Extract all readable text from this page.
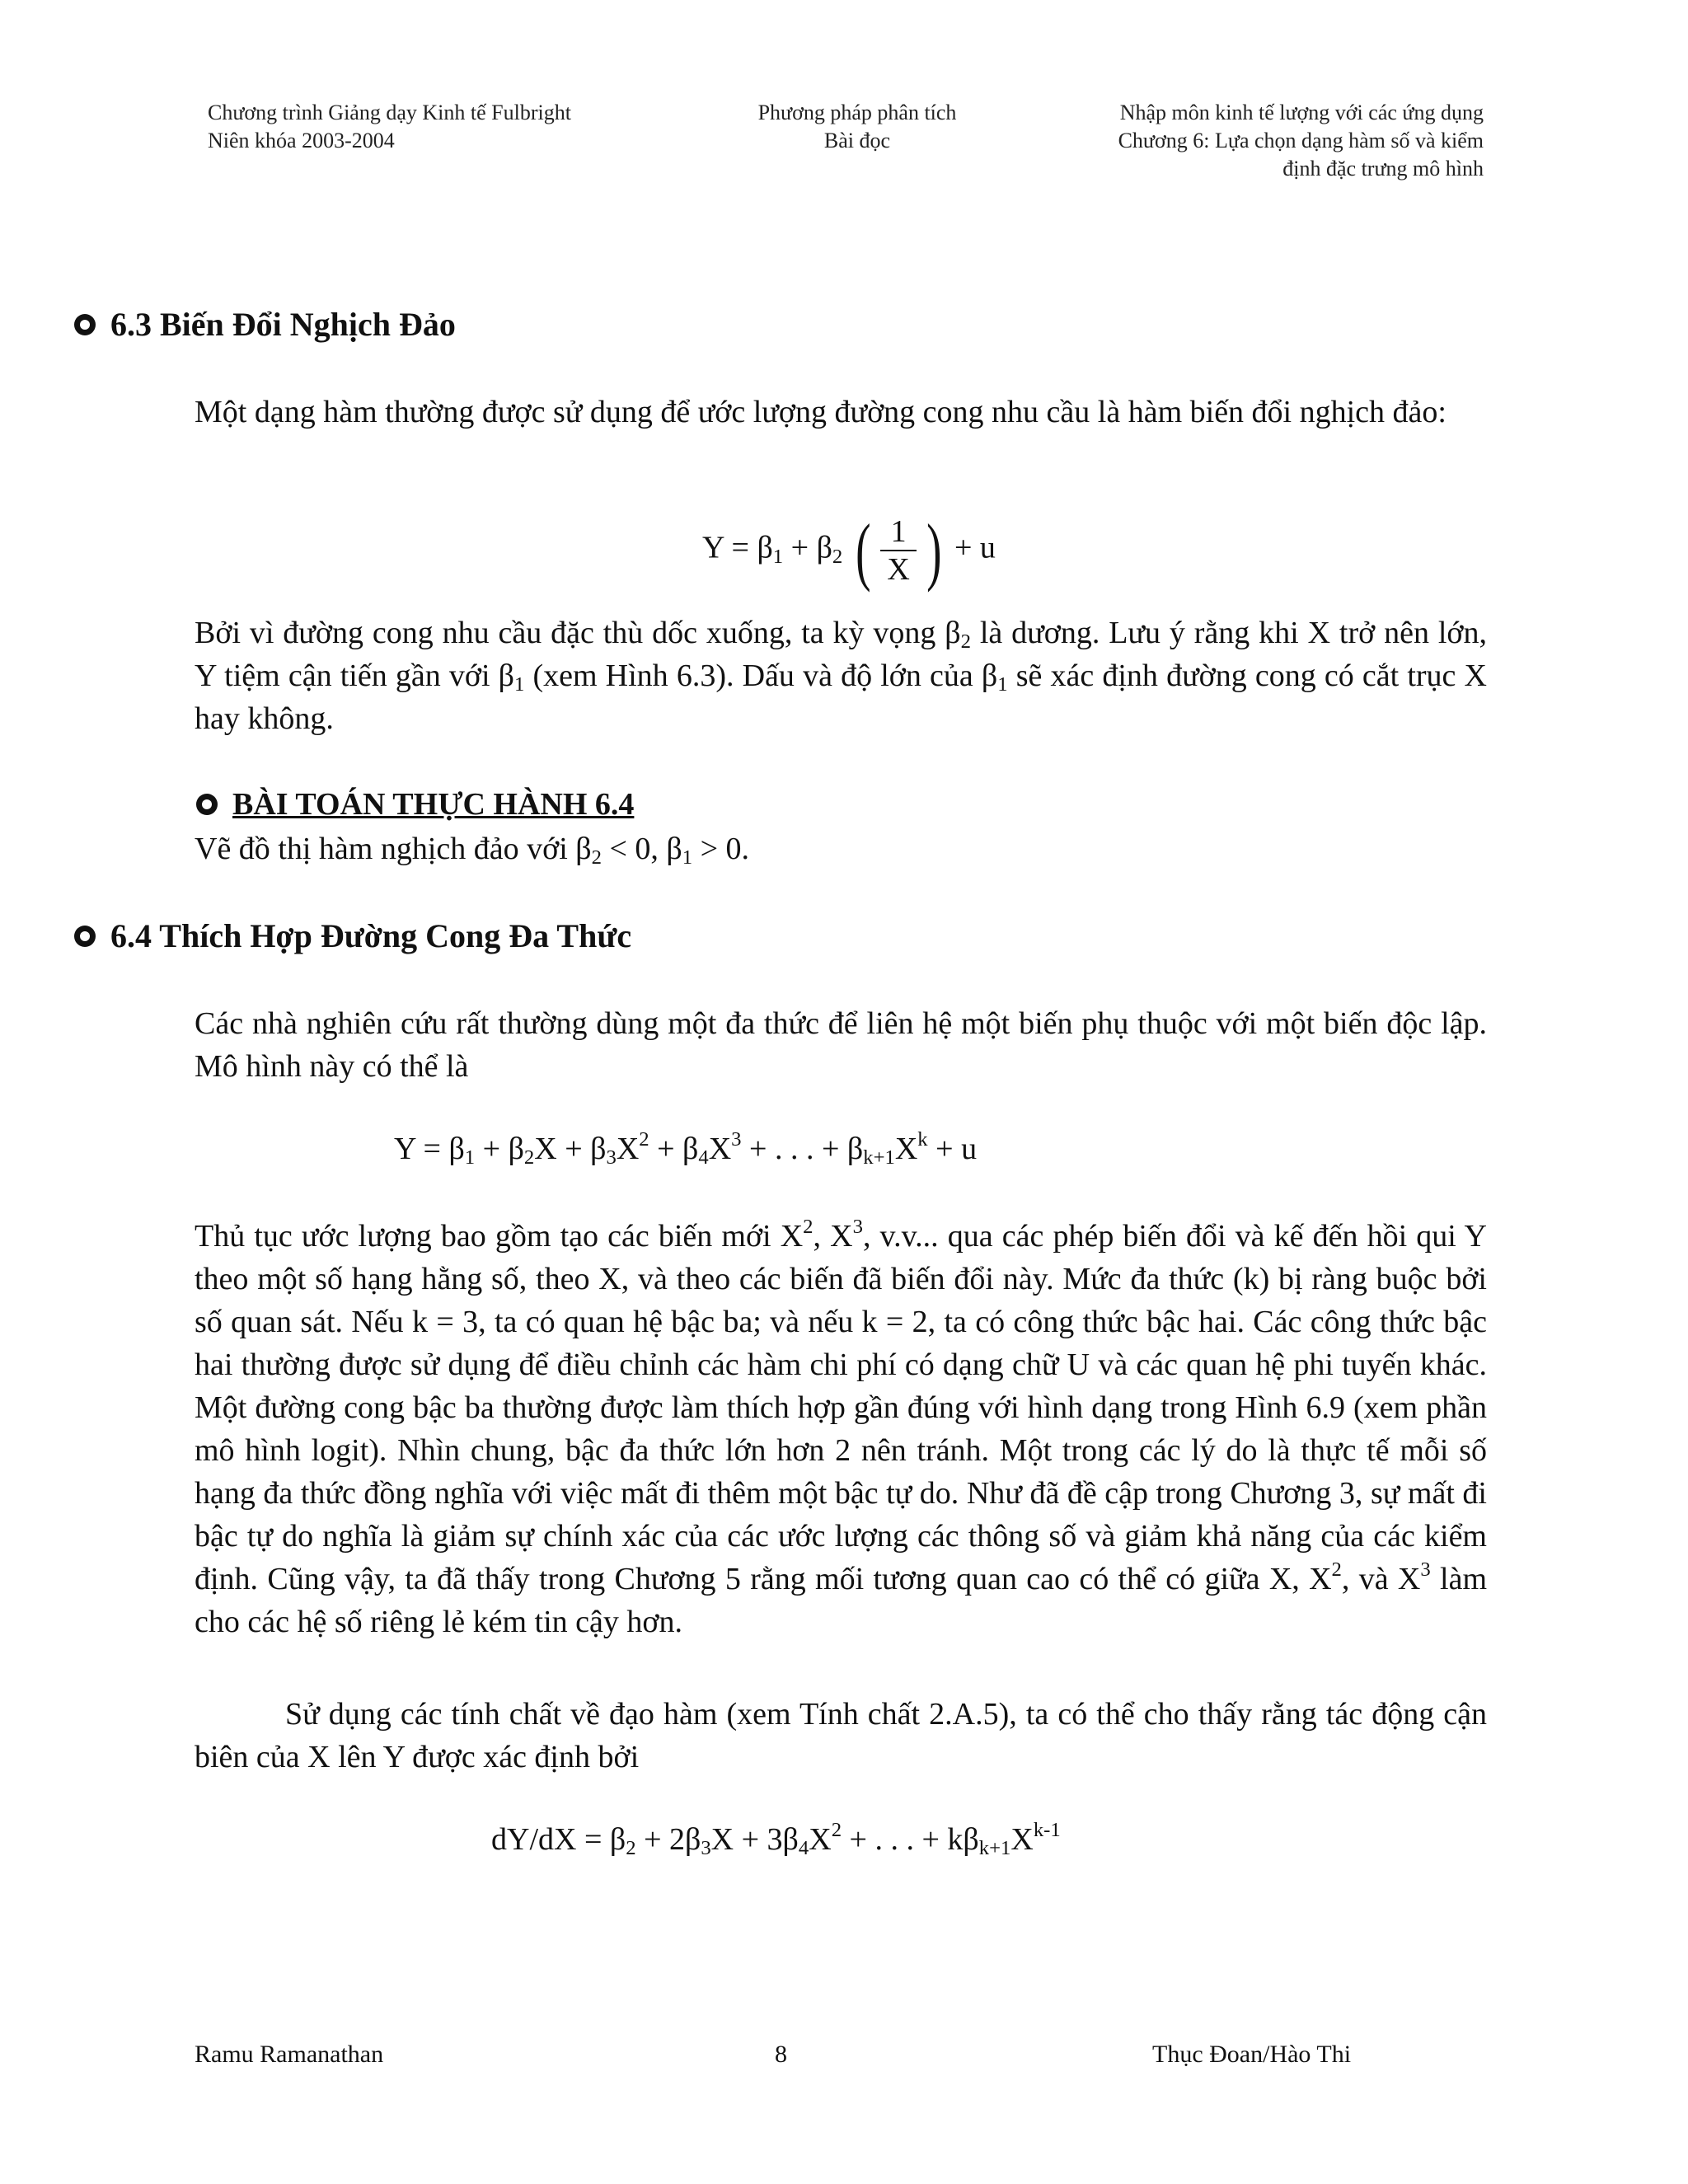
Chương trình Giảng dạy Kinh tế Fulbright
Niên khóa 2003-2004
Phương pháp phân tích
Bài đọc
Nhập môn kinh tế lượng với các ứng dụng
Chương 6: Lựa chọn dạng hàm số và kiểm
định đặc trưng mô hình
6.3 Biến Đổi Nghịch Đảo
Một dạng hàm thường được sử dụng để ước lượng đường cong nhu cầu là hàm biến đổi nghịch đảo:
$Y = \beta_1 + \beta_2$ ( $\frac{1}{X}$ ) + u
Bởi vì đường cong nhu cầu đặc thù dốc xuống, ta kỳ vọng $\beta_2$ là dương. Lưu ý rằng khi X trở nên lớn, Y tiệm cận tiến gần với $\beta_1$ (xem Hình 6.3). Dấu và độ lớn của $\beta_1$ sẽ xác định đường cong có cắt trục X hay không.
BÀI TOÁN THỰC HÀNH 6.4
Vẽ đồ thị hàm nghịch đảo với $\beta_2 < 0$, $\beta_1 > 0$.
6.4 Thích Hợp Đường Cong Đa Thức
Các nhà nghiên cứu rất thường dùng một đa thức để liên hệ một biến phụ thuộc với một biến độc lập. Mô hình này có thể là
$Y = \beta_1 + \beta_2X + \beta_3X^2 + \beta_4X^3$ + . . . + $\beta_{k+1}X^k + u$
Thủ tục ước lượng bao gồm tạo các biến mới $X^2$, $X^3$, v.v... qua các phép biến đổi và kế đến hồi qui Y theo một số hạng hằng số, theo X, và theo các biến đã biến đổi này. Mức đa thức (k) bị ràng buộc bởi số quan sát. Nếu k = 3, ta có quan hệ bậc ba; và nếu k = 2, ta có công thức bậc hai. Các công thức bậc hai thường được sử dụng để điều chỉnh các hàm chi phí có dạng chữ U và các quan hệ phi tuyến khác. Một đường cong bậc ba thường được làm thích hợp gần đúng với hình dạng trong Hình 6.9 (xem phần mô hình logit). Nhìn chung, bậc đa thức lớn hơn 2 nên tránh. Một trong các lý do là thực tế mỗi số hạng đa thức đồng nghĩa với việc mất đi thêm một bậc tự do. Như đã đề cập trong Chương 3, sự mất đi bậc tự do nghĩa là giảm sự chính xác của các ước lượng các thông số và giảm khả năng của các kiểm định. Cũng vậy, ta đã thấy trong Chương 5 rằng mối tương quan cao có thể có giữa X, $X^2$, và $X^3$ làm cho các hệ số riêng lẻ kém tin cậy hơn.
Sử dụng các tính chất về đạo hàm (xem Tính chất 2.A.5), ta có thể cho thấy rằng tác động cận biên của X lên Y được xác định bởi
$dY/dX = \beta_2 + 2\beta_3X + 3\beta_4X^2$ + . . . + $k\beta_{k+1}X^{k-1}$
Ramu Ramanathan	8	Thục Đoan/Hào Thi
